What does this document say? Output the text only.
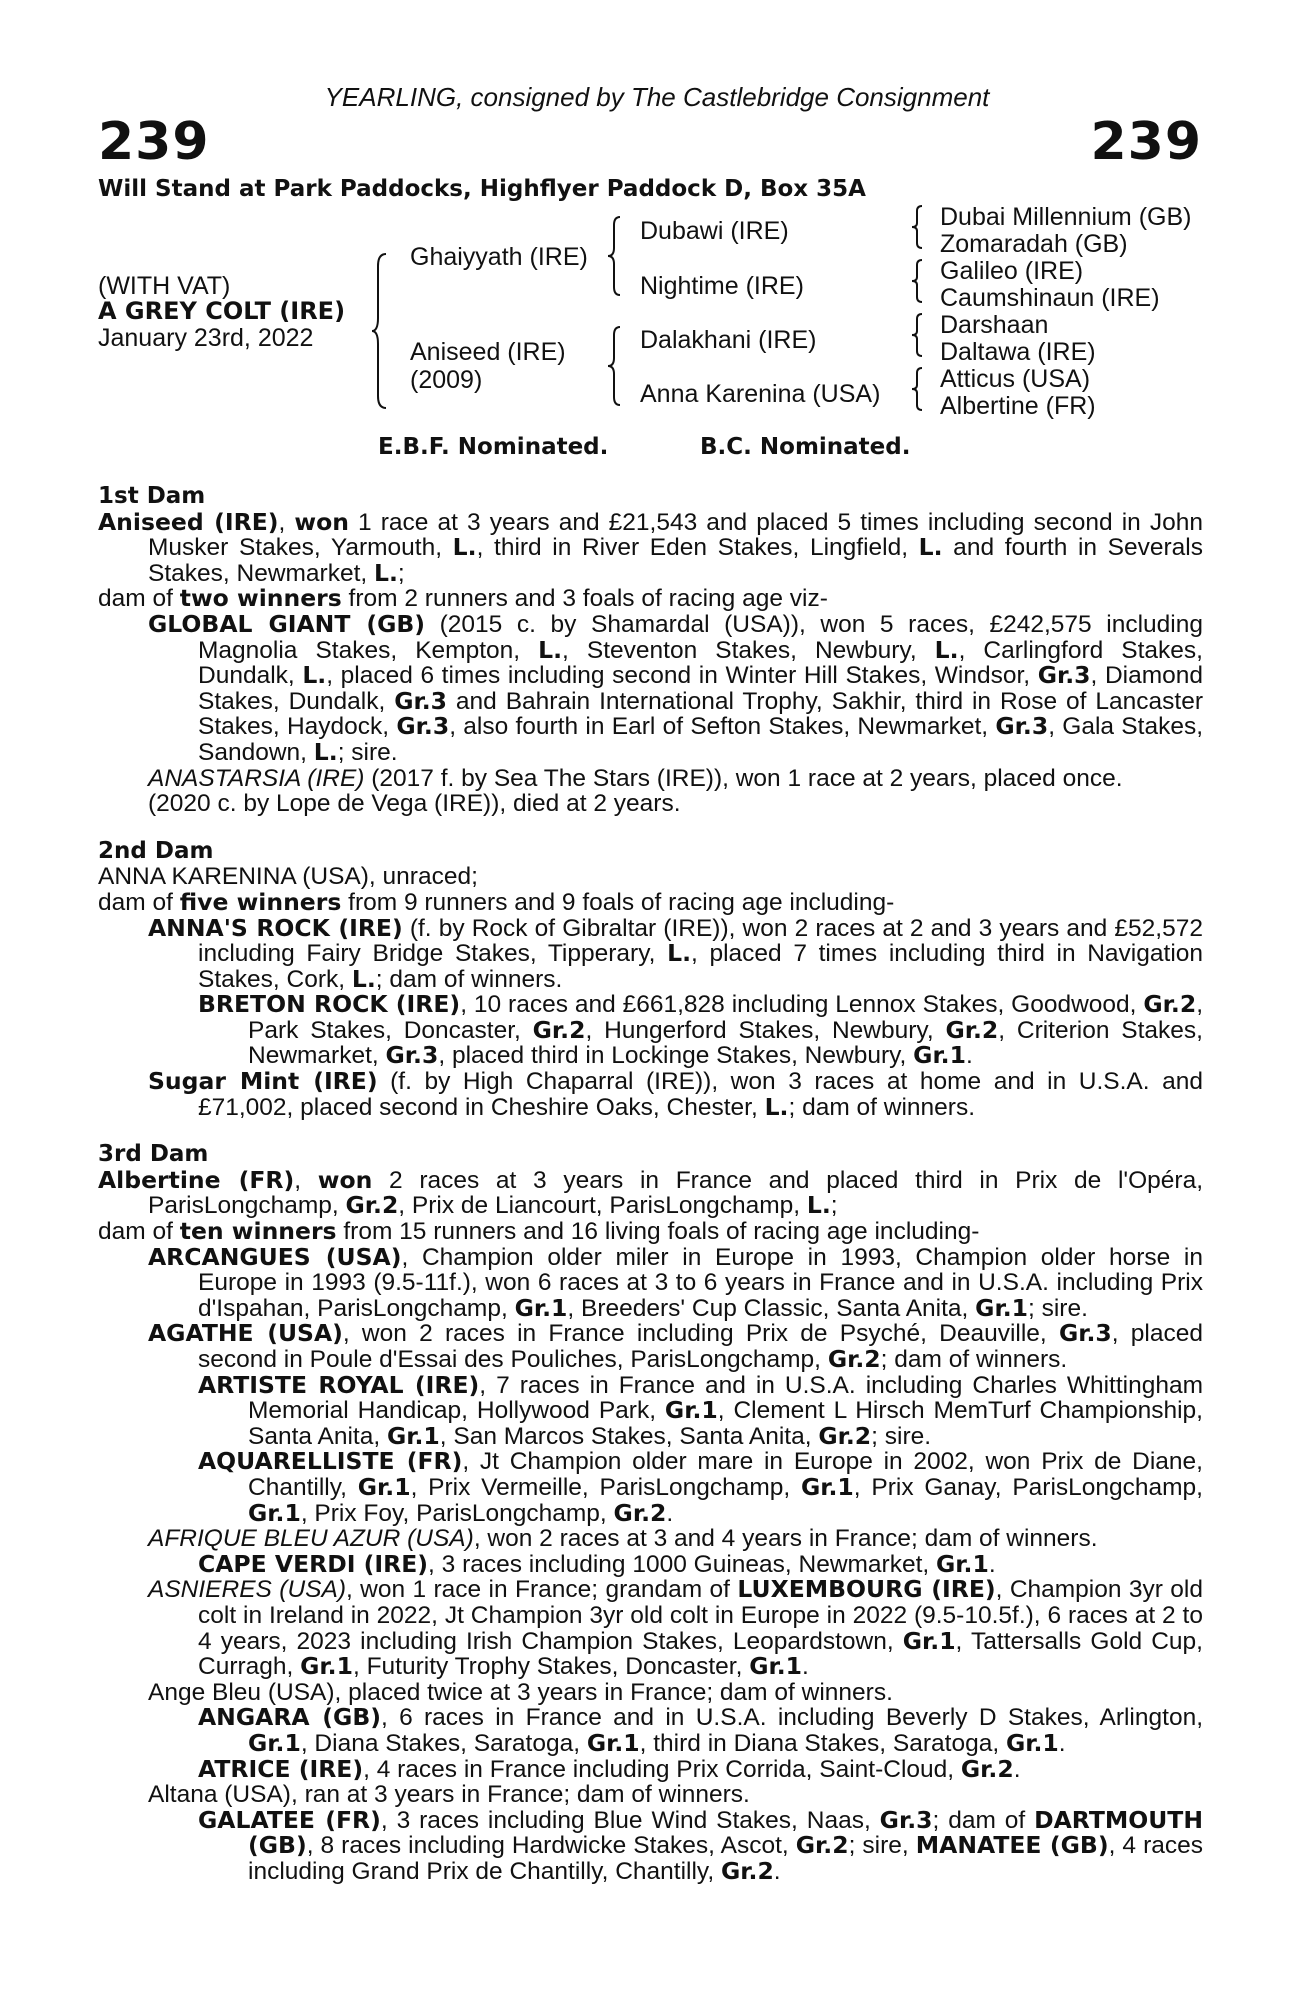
YEARLING, consigned by The Castlebridge Consignment
239	239
Will Stand at Park Paddocks, Highflyer Paddock D, Box 35A
(WITH VAT)
A GREY COLT (IRE)
January 23rd, 2022
Ghaiyyath (IRE)
Aniseed (IRE)
(2009)
Dubawi (IRE)
Nightime (IRE)
Dalakhani (IRE)
Anna Karenina (USA)
Dubai Millennium (GB)
Zomaradah (GB)
Galileo (IRE)
Caumshinaun (IRE)
Darshaan
Daltawa (IRE)
Atticus (USA)
Albertine (FR)
E.B.F. Nominated.	B.C. Nominated.
1st Dam
Aniseed (IRE), won 1 race at 3 years and £21,543 and placed 5 times including second in John Musker Stakes, Yarmouth, L., third in River Eden Stakes, Lingfield, L. and fourth in Severals Stakes, Newmarket, L.;
dam of two winners from 2 runners and 3 foals of racing age viz-
GLOBAL GIANT (GB) (2015 c. by Shamardal (USA)), won 5 races, £242,575 including Magnolia Stakes, Kempton, L., Steventon Stakes, Newbury, L., Carlingford Stakes, Dundalk, L., placed 6 times including second in Winter Hill Stakes, Windsor, Gr.3, Diamond Stakes, Dundalk, Gr.3 and Bahrain International Trophy, Sakhir, third in Rose of Lancaster Stakes, Haydock, Gr.3, also fourth in Earl of Sefton Stakes, Newmarket, Gr.3, Gala Stakes, Sandown, L.; sire.
ANASTARSIA (IRE) (2017 f. by Sea The Stars (IRE)), won 1 race at 2 years, placed once.
(2020 c. by Lope de Vega (IRE)), died at 2 years.
2nd Dam
ANNA KARENINA (USA), unraced;
dam of five winners from 9 runners and 9 foals of racing age including-
ANNA'S ROCK (IRE) (f. by Rock of Gibraltar (IRE)), won 2 races at 2 and 3 years and £52,572 including Fairy Bridge Stakes, Tipperary, L., placed 7 times including third in Navigation Stakes, Cork, L.; dam of winners.
BRETON ROCK (IRE), 10 races and £661,828 including Lennox Stakes, Goodwood, Gr.2, Park Stakes, Doncaster, Gr.2, Hungerford Stakes, Newbury, Gr.2, Criterion Stakes, Newmarket, Gr.3, placed third in Lockinge Stakes, Newbury, Gr.1.
Sugar Mint (IRE) (f. by High Chaparral (IRE)), won 3 races at home and in U.S.A. and £71,002, placed second in Cheshire Oaks, Chester, L.; dam of winners.
3rd Dam
Albertine (FR), won 2 races at 3 years in France and placed third in Prix de l'Opéra, ParisLongchamp, Gr.2, Prix de Liancourt, ParisLongchamp, L.;
dam of ten winners from 15 runners and 16 living foals of racing age including-
ARCANGUES (USA), Champion older miler in Europe in 1993, Champion older horse in Europe in 1993 (9.5-11f.), won 6 races at 3 to 6 years in France and in U.S.A. including Prix d'Ispahan, ParisLongchamp, Gr.1, Breeders' Cup Classic, Santa Anita, Gr.1; sire.
AGATHE (USA), won 2 races in France including Prix de Psyché, Deauville, Gr.3, placed second in Poule d'Essai des Pouliches, ParisLongchamp, Gr.2; dam of winners.
ARTISTE ROYAL (IRE), 7 races in France and in U.S.A. including Charles Whittingham Memorial Handicap, Hollywood Park, Gr.1, Clement L Hirsch MemTurf Championship, Santa Anita, Gr.1, San Marcos Stakes, Santa Anita, Gr.2; sire.
AQUARELLISTE (FR), Jt Champion older mare in Europe in 2002, won Prix de Diane, Chantilly, Gr.1, Prix Vermeille, ParisLongchamp, Gr.1, Prix Ganay, ParisLongchamp, Gr.1, Prix Foy, ParisLongchamp, Gr.2.
AFRIQUE BLEU AZUR (USA), won 2 races at 3 and 4 years in France; dam of winners.
CAPE VERDI (IRE), 3 races including 1000 Guineas, Newmarket, Gr.1.
ASNIERES (USA), won 1 race in France; grandam of LUXEMBOURG (IRE), Champion 3yr old colt in Ireland in 2022, Jt Champion 3yr old colt in Europe in 2022 (9.5-10.5f.), 6 races at 2 to 4 years, 2023 including Irish Champion Stakes, Leopardstown, Gr.1, Tattersalls Gold Cup, Curragh, Gr.1, Futurity Trophy Stakes, Doncaster, Gr.1.
Ange Bleu (USA), placed twice at 3 years in France; dam of winners.
ANGARA (GB), 6 races in France and in U.S.A. including Beverly D Stakes, Arlington, Gr.1, Diana Stakes, Saratoga, Gr.1, third in Diana Stakes, Saratoga, Gr.1.
ATRICE (IRE), 4 races in France including Prix Corrida, Saint-Cloud, Gr.2.
Altana (USA), ran at 3 years in France; dam of winners.
GALATEE (FR), 3 races including Blue Wind Stakes, Naas, Gr.3; dam of DARTMOUTH (GB), 8 races including Hardwicke Stakes, Ascot, Gr.2; sire, MANATEE (GB), 4 races including Grand Prix de Chantilly, Chantilly, Gr.2.
